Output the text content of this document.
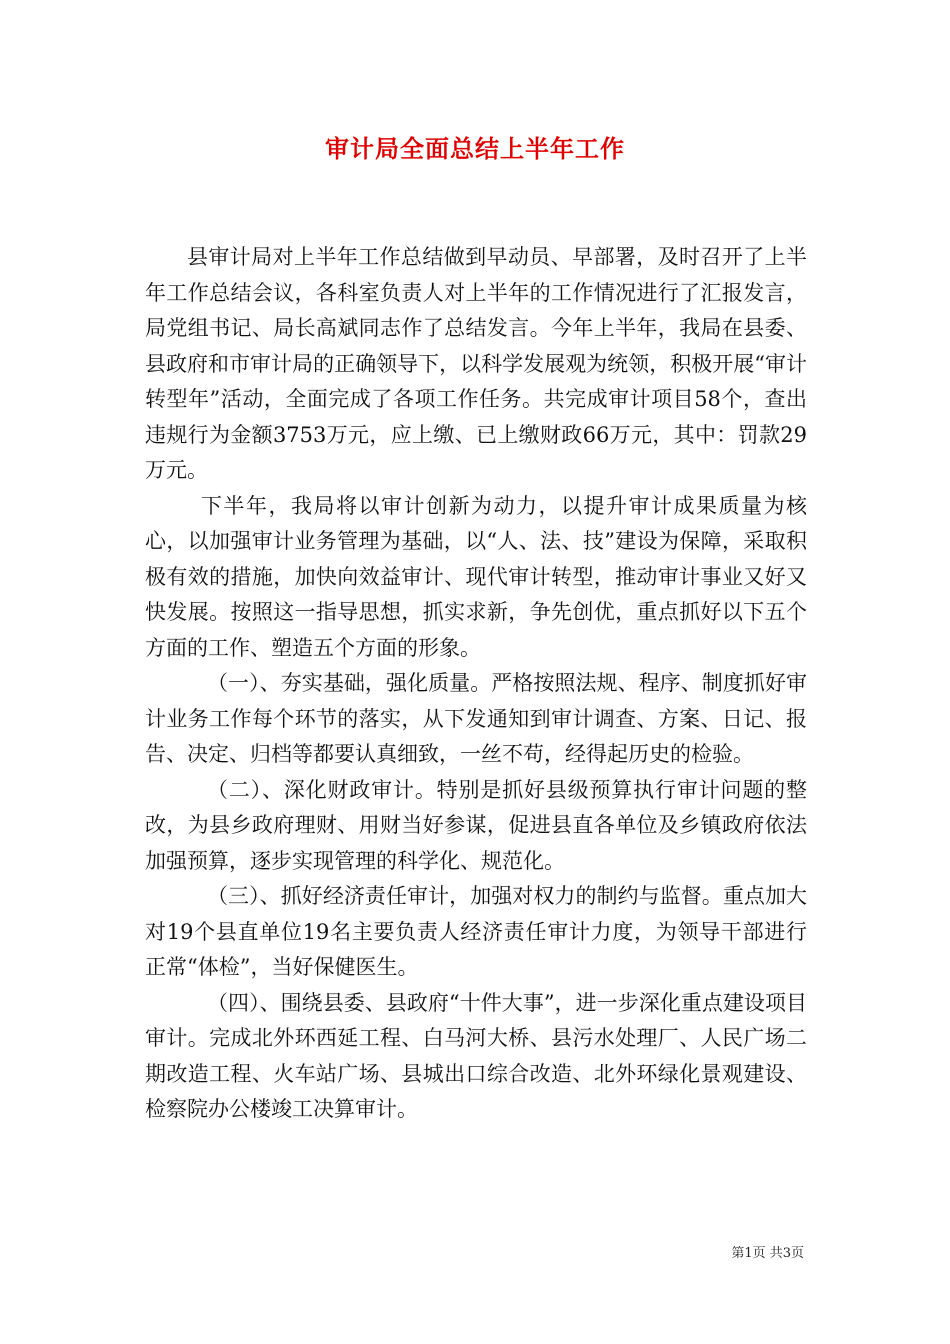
审计局全面总结上半年工作

县审计局对上半年工作总结做到早动员、早部署，及时召开了上半年工作总结会议，各科室负责人对上半年的工作情况进行了汇报发言，局党组书记、局长高斌同志作了总结发言。今年上半年，我局在县委、县政府和市审计局的正确领导下，以科学发展观为统领，积极开展“审计转型年”活动，全面完成了各项工作任务。共完成审计项目58个，查出违规行为金额3753万元，应上缴、已上缴财政66万元，其中：罚款29万元。

下半年，我局将以审计创新为动力，以提升审计成果质量为核心，以加强审计业务管理为基础，以“人、法、技”建设为保障，采取积极有效的措施，加快向效益审计、现代审计转型，推动审计事业又好又快发展。按照这一指导思想，抓实求新，争先创优，重点抓好以下五个方面的工作、塑造五个方面的形象。

（一）、夯实基础，强化质量。严格按照法规、程序、制度抓好审计业务工作每个环节的落实，从下发通知到审计调查、方案、日记、报告、决定、归档等都要认真细致，一丝不苟，经得起历史的检验。

（二）、深化财政审计。特别是抓好县级预算执行审计问题的整改，为县乡政府理财、用财当好参谋，促进县直各单位及乡镇政府依法加强预算，逐步实现管理的科学化、规范化。

（三）、抓好经济责任审计，加强对权力的制约与监督。重点加大对19个县直单位19名主要负责人经济责任审计力度，为领导干部进行正常“体检”，当好保健医生。

（四）、围绕县委、县政府“十件大事”，进一步深化重点建设项目审计。完成北外环西延工程、白马河大桥、县污水处理厂、人民广场二期改造工程、火车站广场、县城出口综合改造、北外环绿化景观建设、检察院办公楼竣工决算审计。

第1页 共3页
